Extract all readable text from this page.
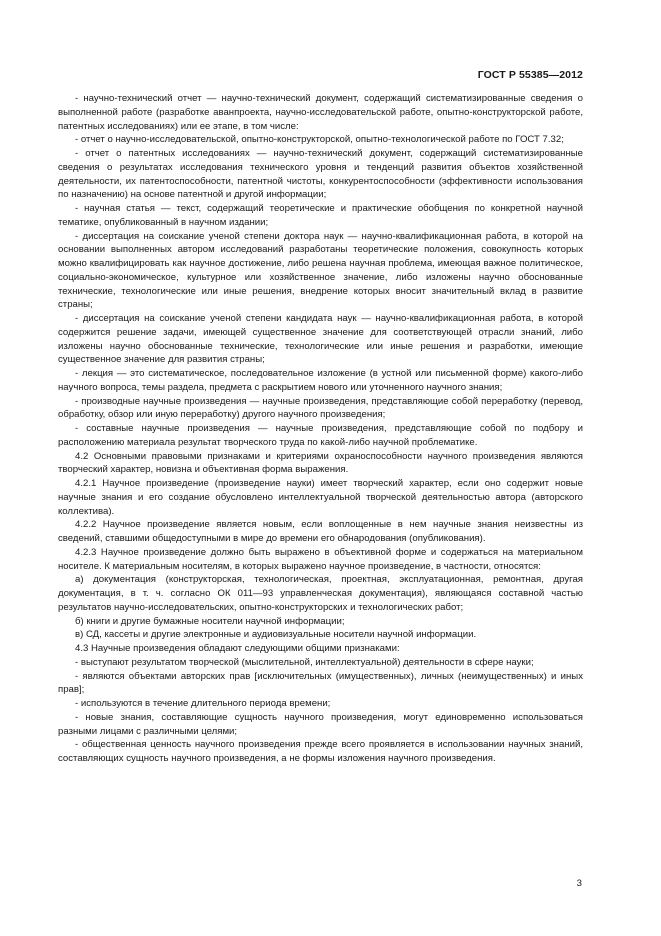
ГОСТ Р 55385—2012

- научно-технический отчет — научно-технический документ, содержащий систематизированные сведения о выполненной работе (разработке аванпроекта, научно-исследовательской работе, опытно-конструкторской работе, патентных исследованиях) или ее этапе, в том числе:

- отчет о научно-исследовательской, опытно-конструкторской, опытно-технологической работе по ГОСТ 7.32;

- отчет о патентных исследованиях — научно-технический документ, содержащий систематизированные сведения о результатах исследования технического уровня и тенденций развития объектов хозяйственной деятельности, их патентоспособности, патентной чистоты, конкурентоспособности (эффективности использования по назначению) на основе патентной и другой информации;

- научная статья — текст, содержащий теоретические и практические обобщения по конкретной научной тематике, опубликованный в научном издании;

- диссертация на соискание ученой степени доктора наук — научно-квалификационная работа, в которой на основании выполненных автором исследований разработаны теоретические положения, совокупность которых можно квалифицировать как научное достижение, либо решена научная проблема, имеющая важное политическое, социально-экономическое, культурное или хозяйственное значение, либо изложены научно обоснованные технические, технологические или иные решения, внедрение которых вносит значительный вклад в развитие страны;

- диссертация на соискание ученой степени кандидата наук — научно-квалификационная работа, в которой содержится решение задачи, имеющей существенное значение для соответствующей отрасли знаний, либо изложены научно обоснованные технические, технологические или иные решения и разработки, имеющие существенное значение для развития страны;

- лекция — это систематическое, последовательное изложение (в устной или письменной форме) какого-либо научного вопроса, темы раздела, предмета с раскрытием нового или уточненного научного знания;

- производные научные произведения — научные произведения, представляющие собой переработку (перевод, обработку, обзор или иную переработку) другого научного произведения;

- составные научные произведения — научные произведения, представляющие собой по подбору и расположению материала результат творческого труда по какой-либо научной проблематике.

4.2 Основными правовыми признаками и критериями охраноспособности научного произведения являются творческий характер, новизна и объективная форма выражения.

4.2.1 Научное произведение (произведение науки) имеет творческий характер, если оно содержит новые научные знания и его создание обусловлено интеллектуальной творческой деятельностью автора (авторского коллектива).

4.2.2 Научное произведение является новым, если воплощенные в нем научные знания неизвестны из сведений, ставшими общедоступными в мире до времени его обнародования (опубликования).

4.2.3 Научное произведение должно быть выражено в объективной форме и содержаться на материальном носителе. К материальным носителям, в которых выражено научное произведение, в частности, относятся:

а) документация (конструкторская, технологическая, проектная, эксплуатационная, ремонтная, другая документация, в т. ч. согласно ОК 011—93 управленческая документация), являющаяся составной частью результатов научно-исследовательских, опытно-конструкторских и технологических работ;

б) книги и другие бумажные носители научной информации;

в) СД, кассеты и другие электронные и аудиовизуальные носители научной информации.

4.3 Научные произведения обладают следующими общими признаками:

- выступают результатом творческой (мыслительной, интеллектуальной) деятельности в сфере науки;

- являются объектами авторских прав [исключительных (имущественных), личных (неимущественных) и иных прав];

- используются в течение длительного периода времени;

- новые знания, составляющие сущность научного произведения, могут единовременно использоваться разными лицами с различными целями;

- общественная ценность научного произведения прежде всего проявляется в использовании научных знаний, составляющих сущность научного произведения, а не формы изложения научного произведения.

3
